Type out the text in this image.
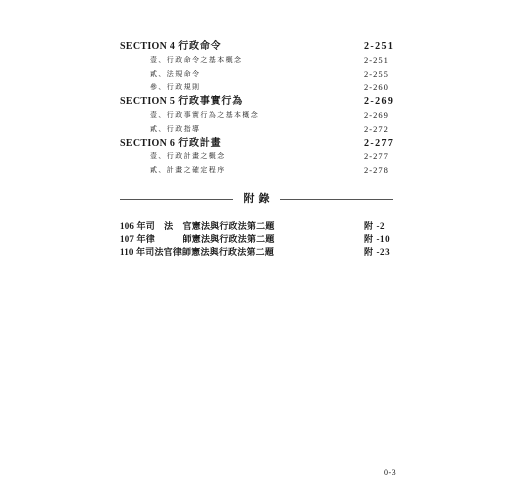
SECTION 4 行政命令	2-251
壹、行政命令之基本概念	2-251
貳、法規命令	2-255
參、行政規則	2-260
SECTION 5 行政事實行為	2-269
壹、行政事實行為之基本概念	2-269
貳、行政指導	2-272
SECTION 6 行政計畫	2-277
壹、行政計畫之概念	2-277
貳、計畫之確定程序	2-278
附錄
106 年司　法　官憲法與行政法第二題	附 -2
107 年律　　　師憲法與行政法第二題	附 -10
110 年司法官律師憲法與行政法第二題	附 -23
0-3
